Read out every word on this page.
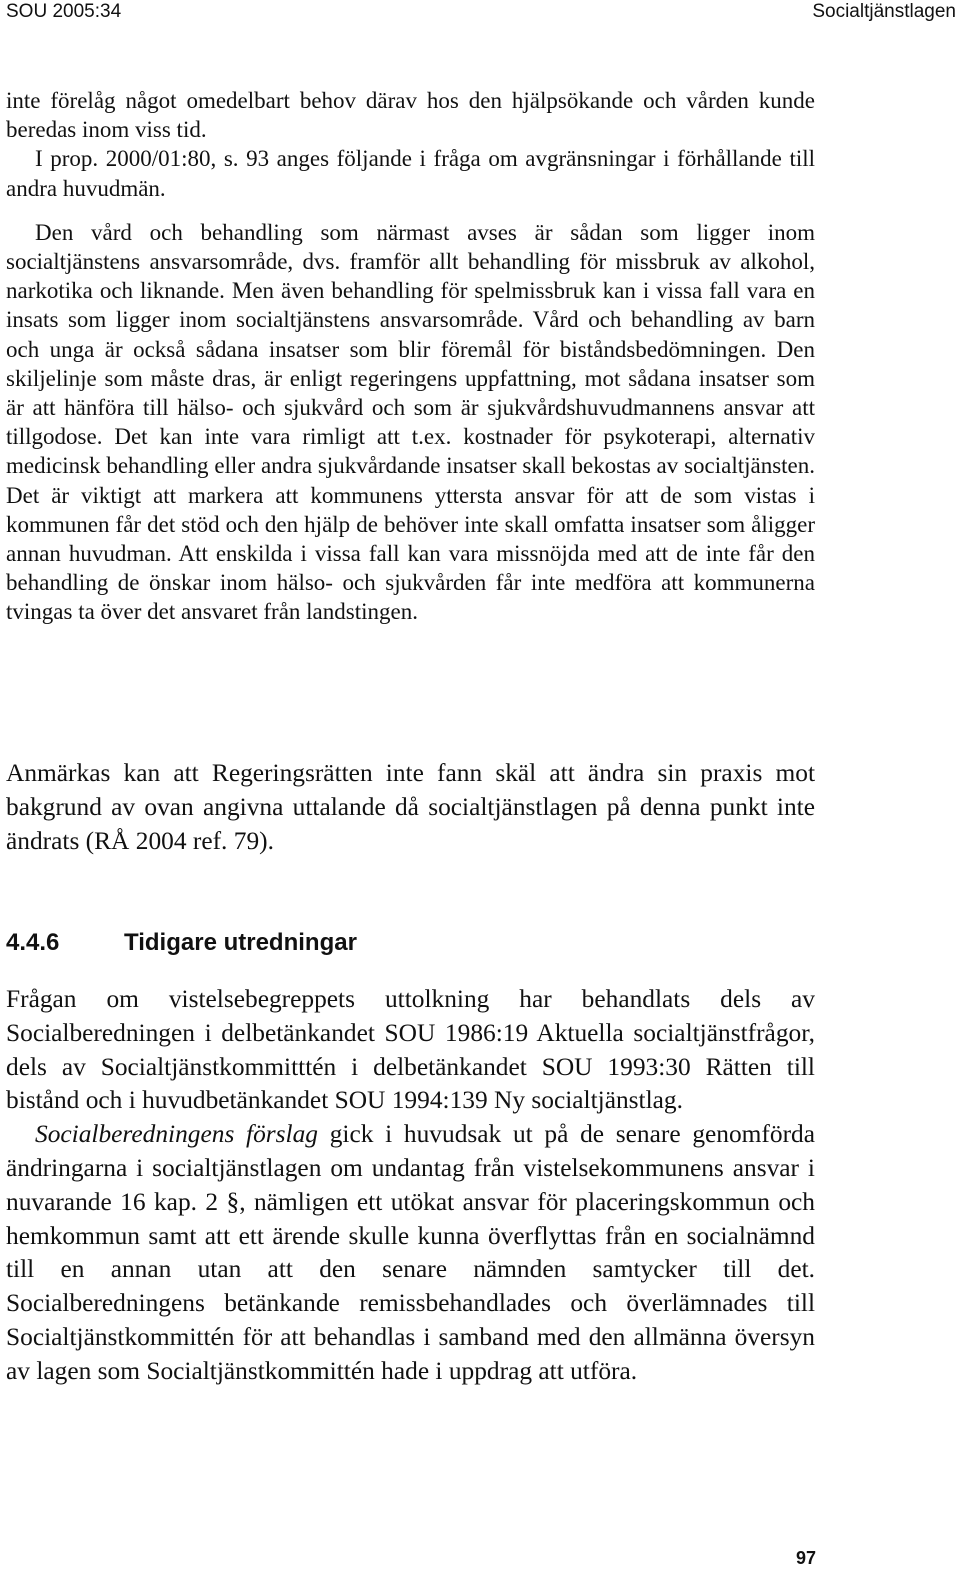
SOU 2005:34	Socialtjänstlagen

inte förelåg något omedelbart behov därav hos den hjälpsökande och vården kunde beredas inom viss tid.

I prop. 2000/01:80, s. 93 anges följande i fråga om avgränsningar i förhållande till andra huvudmän.

Den vård och behandling som närmast avses är sådan som ligger inom socialtjänstens ansvarsområde, dvs. framför allt behandling för missbruk av alkohol, narkotika och liknande. Men även behandling för spelmissbruk kan i vissa fall vara en insats som ligger inom socialtjänstens ansvarsområde. Vård och behandling av barn och unga är också sådana insatser som blir föremål för biståndsbedömningen. Den skiljelinje som måste dras, är enligt regeringens uppfattning, mot sådana insatser som är att hänföra till hälso- och sjukvård och som är sjukvårdshuvudmannens ansvar att tillgodose. Det kan inte vara rimligt att t.ex. kostnader för psykoterapi, alternativ medicinsk behandling eller andra sjukvårdande insatser skall bekostas av socialtjänsten. Det är viktigt att markera att kommunens yttersta ansvar för att de som vistas i kommunen får det stöd och den hjälp de behöver inte skall omfatta insatser som åligger annan huvudman. Att enskilda i vissa fall kan vara missnöjda med att de inte får den behandling de önskar inom hälso- och sjukvården får inte medföra att kommunerna tvingas ta över det ansvaret från landstingen.

Anmärkas kan att Regeringsrätten inte fann skäl att ändra sin praxis mot bakgrund av ovan angivna uttalande då socialtjänstlagen på denna punkt inte ändrats (RÅ 2004 ref. 79).

4.4.6	Tidigare utredningar

Frågan om vistelsebegreppets uttolkning har behandlats dels av Socialberedningen i delbetänkandet SOU 1986:19 Aktuella socialtjänstfrågor, dels av Socialtjänstkommitttén i delbetänkandet SOU 1993:30 Rätten till bistånd och i huvudbetänkandet SOU 1994:139 Ny socialtjänstlag.

Socialberedningens förslag gick i huvudsak ut på de senare genomförda ändringarna i socialtjänstlagen om undantag från vistelsekommunens ansvar i nuvarande 16 kap. 2 §, nämligen ett utökat ansvar för placeringskommun och hemkommun samt att ett ärende skulle kunna överflyttas från en socialnämnd till en annan utan att den senare nämnden samtycker till det. Socialberedningens betänkande remissbehandlades och överlämnades till Socialtjänstkommittén för att behandlas i samband med den allmänna översyn av lagen som Socialtjänstkommittén hade i uppdrag att utföra.

97
